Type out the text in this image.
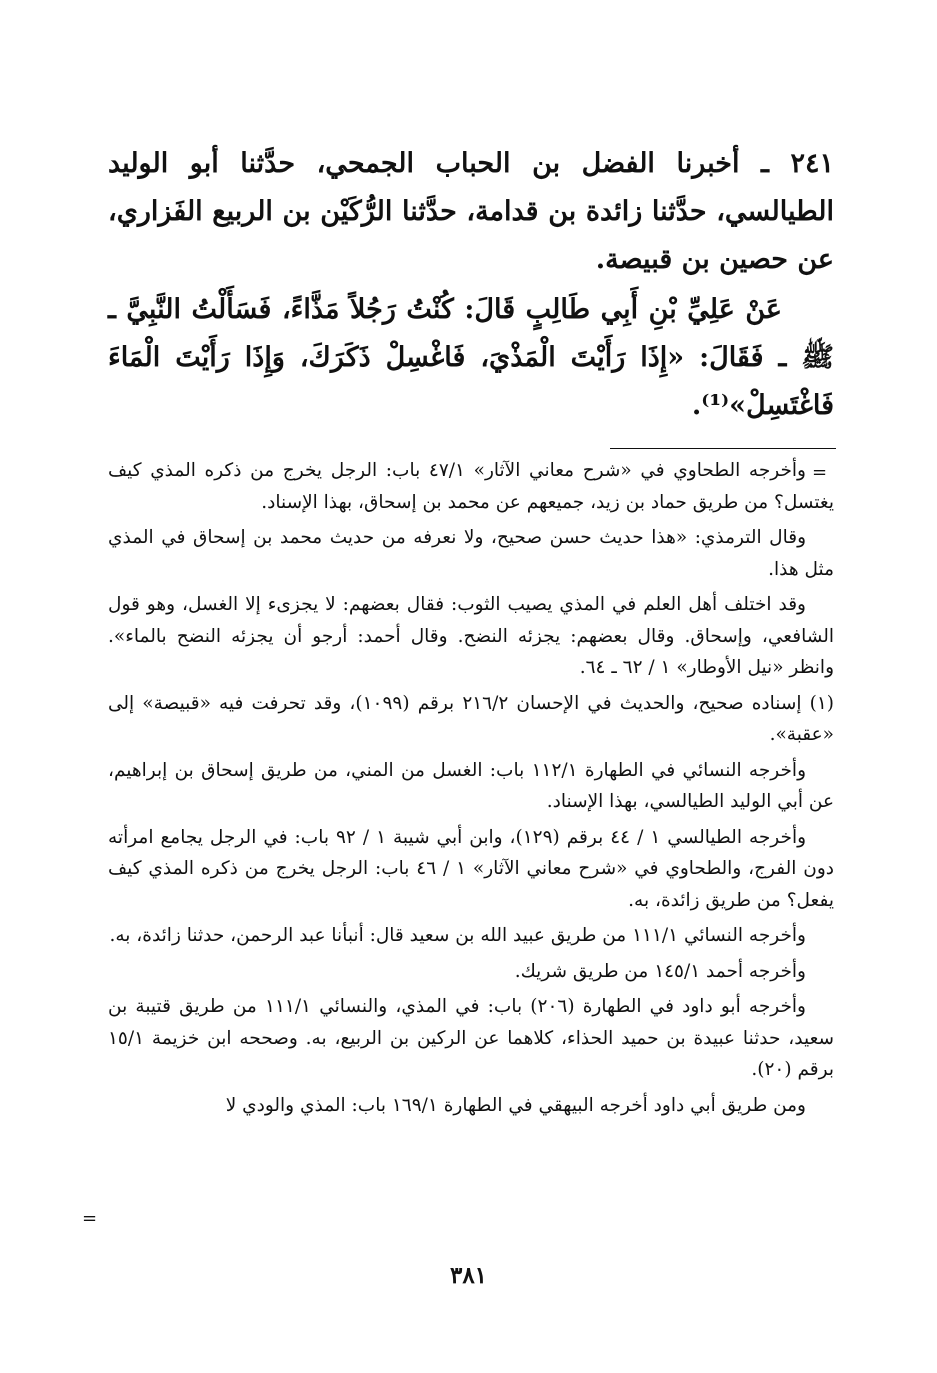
٢٤١ ـ أخبرنا الفضل بن الحباب الجمحي، حدَّثنا أبو الوليد الطيالسي، حدَّثنا زائدة بن قدامة، حدَّثنا الرُّكَيْن بن الربيع الفَزاري، عن حصين بن قبيصة.

عَنْ عَلِيِّ بْنِ أَبِي طَالِبٍ قَالَ: كُنْتُ رَجُلاً مَذَّاءً، فَسَأَلْتُ النَّبِيَّ ـ ﷺ ـ فَقَالَ: «إِذَا رَأَيْتَ الْمَذْيَ، فَاغْسِلْ ذَكَرَكَ، وَإِذَا رَأَيْتَ الْمَاءَ فَاغْتَسِلْ»⁽¹⁾.

=

وأخرجه الطحاوي في «شرح معاني الآثار» ٤٧/١ باب: الرجل يخرج من ذكره المذي كيف يغتسل؟ من طريق حماد بن زيد، جميعهم عن محمد بن إسحاق، بهذا الإسناد.

وقال الترمذي: «هذا حديث حسن صحيح، ولا نعرفه من حديث محمد بن إسحاق في المذي مثل هذا.

وقد اختلف أهل العلم في المذي يصيب الثوب: فقال بعضهم: لا يجزىء إلا الغسل، وهو قول الشافعي، وإسحاق. وقال بعضهم: يجزئه النضح. وقال أحمد: أرجو أن يجزئه النضح بالماء». وانظر «نيل الأوطار» ١ / ٦٢ ـ ٦٤.

(١) إسناده صحيح، والحديث في الإحسان ٢١٦/٢ برقم (١٠٩٩)، وقد تحرفت فيه «قبيصة» إلى «عقبة».

وأخرجه النسائي في الطهارة ١١٢/١ باب: الغسل من المني، من طريق إسحاق بن إبراهيم، عن أبي الوليد الطيالسي، بهذا الإسناد.

وأخرجه الطيالسي ١ / ٤٤ برقم (١٢٩)، وابن أبي شيبة ١ / ٩٢ باب: في الرجل يجامع امرأته دون الفرج، والطحاوي في «شرح معاني الآثار» ١ / ٤٦ باب: الرجل يخرج من ذكره المذي كيف يفعل؟ من طريق زائدة، به.

وأخرجه النسائي ١١١/١ من طريق عبيد الله بن سعيد قال: أنبأنا عبد الرحمن، حدثنا زائدة، به.

وأخرجه أحمد ١٤٥/١ من طريق شريك.

وأخرجه أبو داود في الطهارة (٢٠٦) باب: في المذي، والنسائي ١١١/١ من طريق قتيبة بن سعيد، حدثنا عبيدة بن حميد الحذاء، كلاهما عن الركين بن الربيع، به. وصححه ابن خزيمة ١٥/١ برقم (٢٠).

ومن طريق أبي داود أخرجه البيهقي في الطهارة ١٦٩/١ باب: المذي والودي لا

=
٣٨١
